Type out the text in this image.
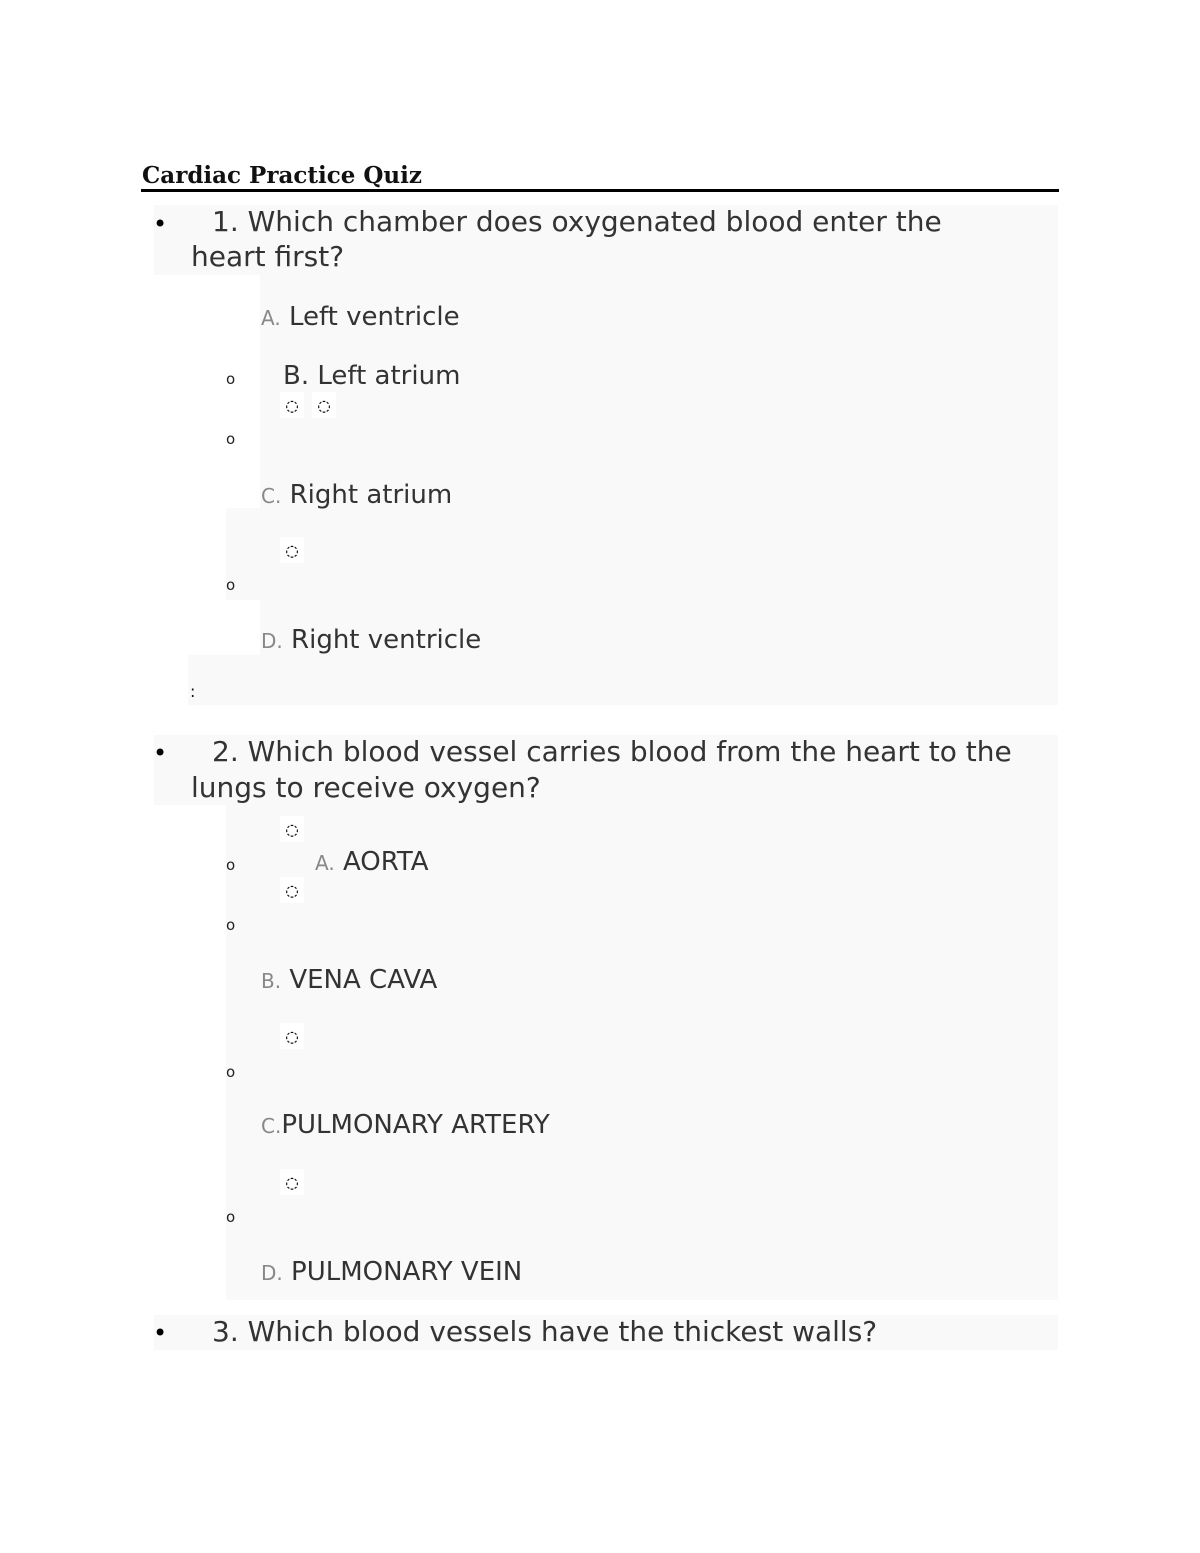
Cardiac Practice Quiz
• 1. Which chamber does oxygenated blood enter the
heart first?
A. Left ventricle
o B. Left atrium
◌ ◌
o
C. Right atrium
◌
o
D. Right ventricle
:
• 2. Which blood vessel carries blood from the heart to the
lungs to receive oxygen?
◌
o	A. AORTA
◌
o
B. VENA CAVA
◌
o
C.PULMONARY ARTERY
◌
o
D. PULMONARY VEIN
• 3. Which blood vessels have the thickest walls?
